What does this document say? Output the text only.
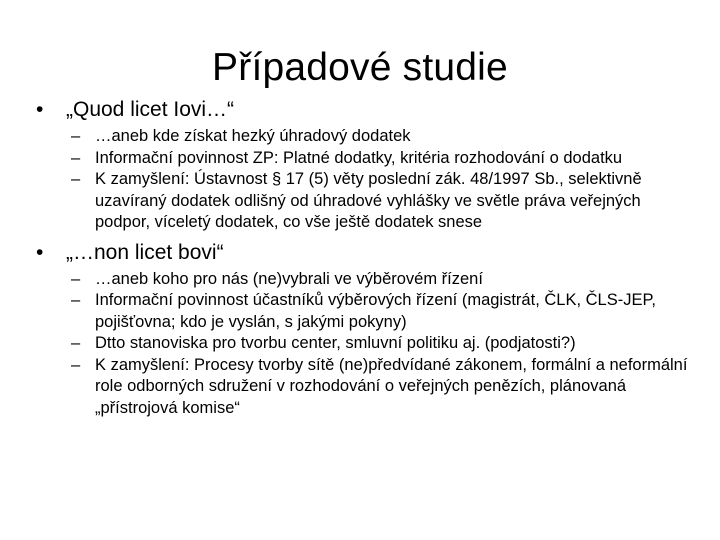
Případové studie
•	„Quod licet Iovi…“
– …aneb kde získat hezký úhradový dodatek
– Informační povinnost ZP: Platné dodatky, kritéria rozhodování o dodatku
– K zamyšlení: Ústavnost § 17 (5) věty poslední zák. 48/1997 Sb., selektivně uzavíraný dodatek odlišný od úhradové vyhlášky ve světle práva veřejných podpor, víceletý dodatek, co vše ještě dodatek snese
•	„…non licet bovi“
– …aneb koho pro nás (ne)vybrali ve výběrovém řízení
– Informační povinnost účastníků výběrových řízení (magistrát, ČLK, ČLS-JEP, pojišťovna; kdo je vyslán, s jakými pokyny)
– Dtto stanoviska pro tvorbu center, smluvní politiku aj. (podjatosti?)
– K zamyšlení: Procesy tvorby sítě (ne)předvídané zákonem, formální a neformální role odborných sdružení v rozhodování o veřejných penězích, plánovaná „přístrojová komise“
